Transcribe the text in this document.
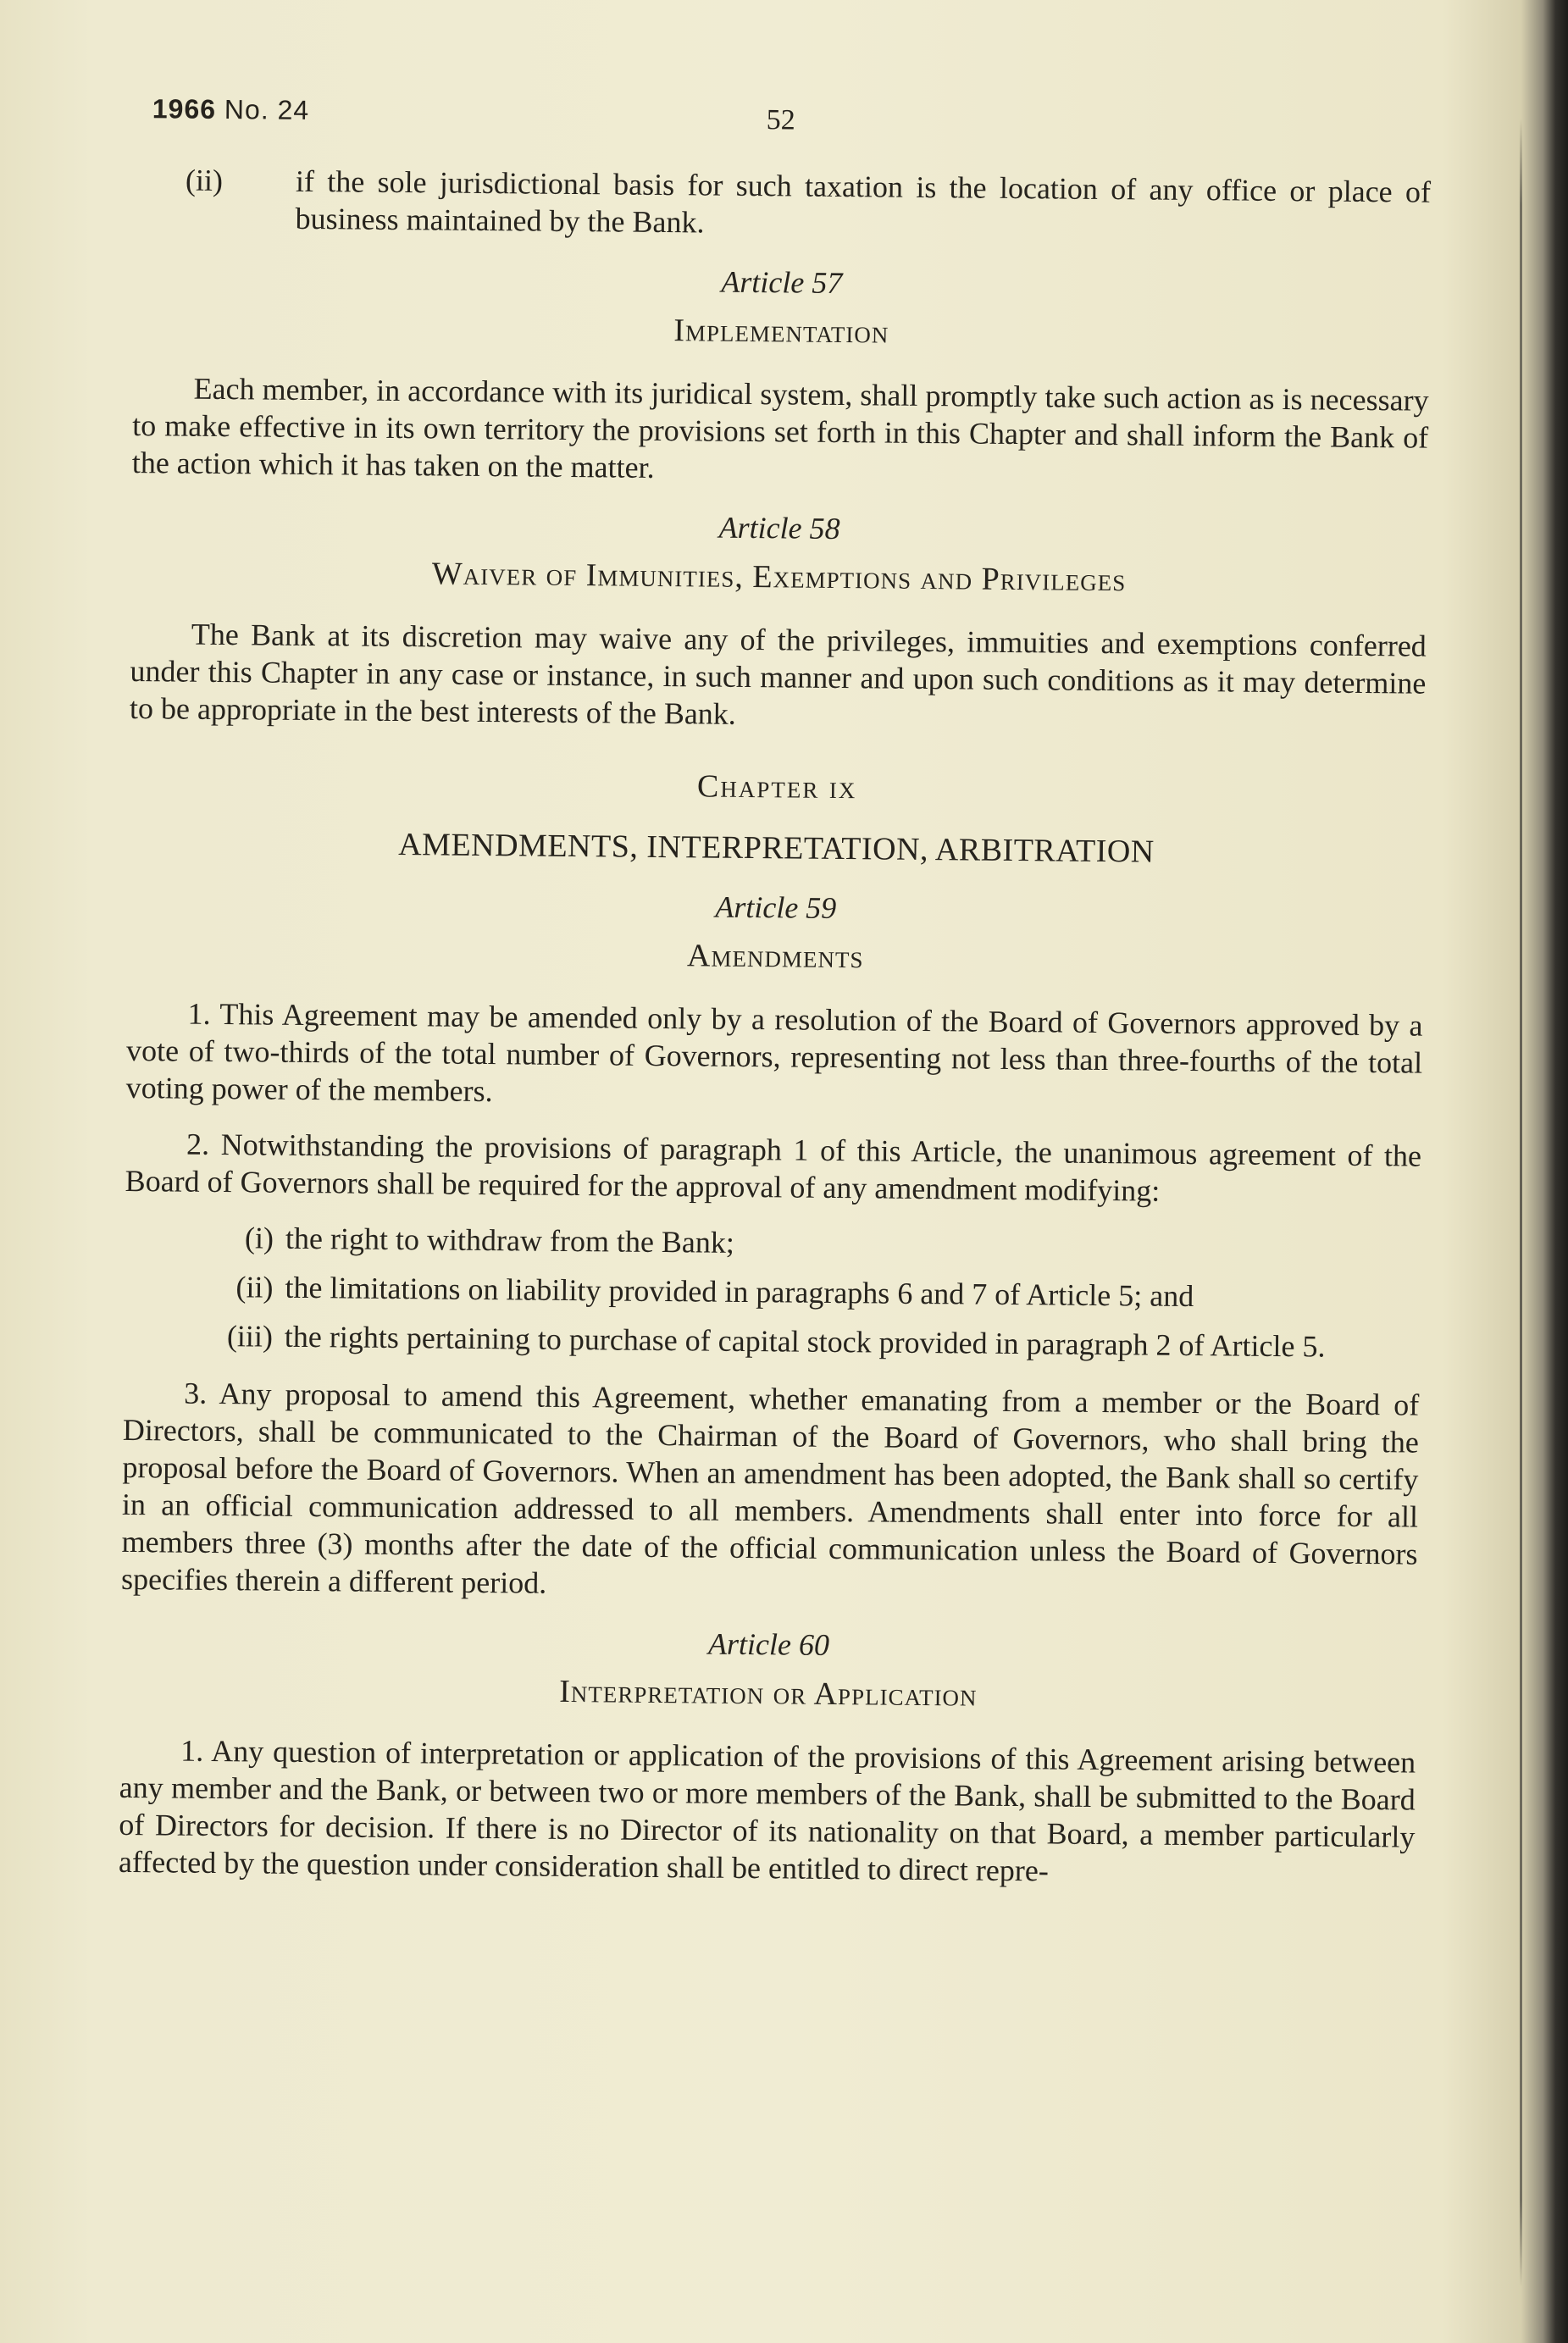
1966 No. 24	52
(ii)	if the sole jurisdictional basis for such taxation is the location of any office or place of business maintained by the Bank.
Article 57
Implementation

Each member, in accordance with its juridical system, shall promptly take such action as is necessary to make effective in its own territory the provisions set forth in this Chapter and shall inform the Bank of the action which it has taken on the matter.

Article 58
Waiver of Immunities, Exemptions and Privileges

The Bank at its discretion may waive any of the privileges, immuities and exemptions conferred under this Chapter in any case or instance, in such manner and upon such conditions as it may determine to be appropriate in the best interests of the Bank.

Chapter ix
AMENDMENTS, INTERPRETATION, ARBITRATION
Article 59
Amendments

1. This Agreement may be amended only by a resolution of the Board of Governors approved by a vote of two-thirds of the total number of Governors, representing not less than three-fourths of the total voting power of the members.

2. Notwithstanding the provisions of paragraph 1 of this Article, the unanimous agreement of the Board of Governors shall be required for the approval of any amendment modifying:

(i) the right to withdraw from the Bank;
(ii) the limitations on liability provided in paragraphs 6 and 7 of Article 5; and
(iii) the rights pertaining to purchase of capital stock provided in paragraph 2 of Article 5.

3. Any proposal to amend this Agreement, whether emanating from a member or the Board of Directors, shall be communicated to the Chairman of the Board of Governors, who shall bring the proposal before the Board of Governors. When an amendment has been adopted, the Bank shall so certify in an official communication addressed to all members. Amendments shall enter into force for all members three (3) months after the date of the official communication unless the Board of Governors specifies therein a different period.

Article 60
Interpretation or Application

1. Any question of interpretation or application of the provisions of this Agreement arising between any member and the Bank, or between two or more members of the Bank, shall be submitted to the Board of Directors for decision. If there is no Director of its nationality on that Board, a member particularly affected by the question under consideration shall be entitled to direct repre-
